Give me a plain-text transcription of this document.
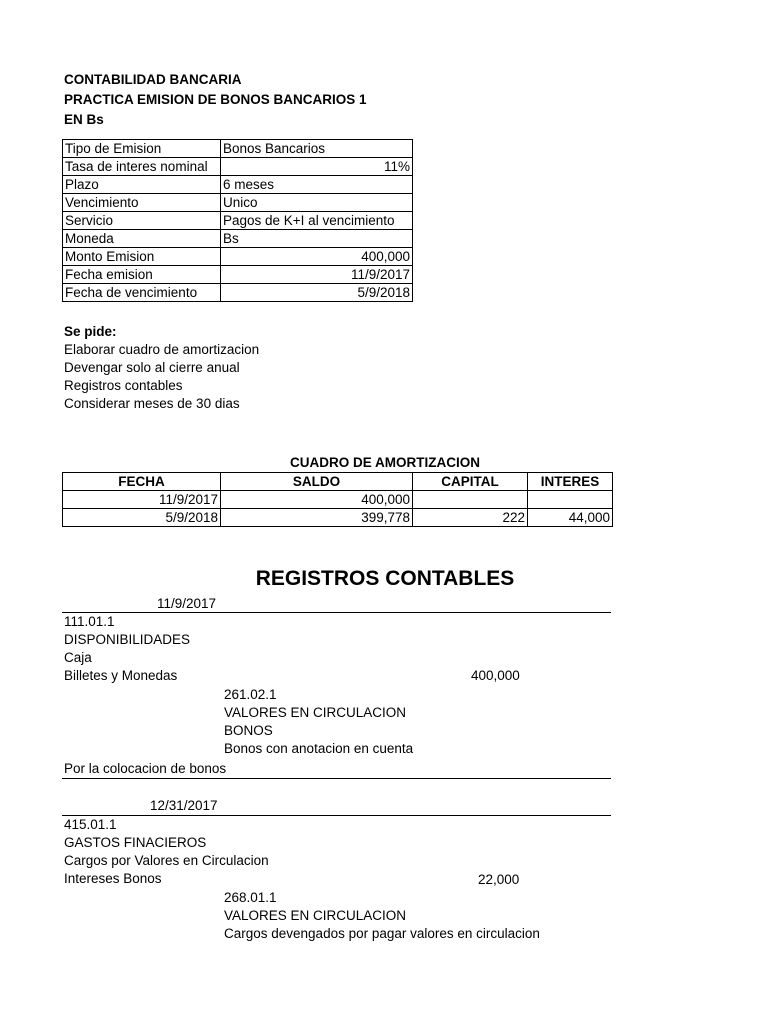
CONTABILIDAD BANCARIA
PRACTICA EMISION DE BONOS BANCARIOS 1
EN Bs
Tipo de Emision	Bonos Bancarios
Tasa de interes nominal	11%
Plazo	6 meses
Vencimiento	Unico
Servicio	Pagos de K+I al vencimiento
Moneda	Bs
Monto Emision	400,000
Fecha emision	11/9/2017
Fecha de vencimiento	5/9/2018
Se pide:
Elaborar cuadro de amortizacion
Devengar solo al cierre anual
Registros contables
Considerar meses de 30 dias
CUADRO DE AMORTIZACION
FECHA	SALDO	CAPITAL	INTERES
11/9/2017	400,000		
5/9/2018	399,778	222	44,000
REGISTROS CONTABLES
11/9/2017
111.01.1
DISPONIBILIDADES
Caja
Billetes y Monedas	400,000
261.02.1
VALORES EN CIRCULACION
BONOS
Bonos con anotacion en cuenta
Por la colocacion de bonos
12/31/2017
415.01.1
GASTOS FINACIEROS
Cargos por Valores en Circulacion
Intereses Bonos	22,000
268.01.1
VALORES EN CIRCULACION
Cargos devengados por pagar valores en circulacion
